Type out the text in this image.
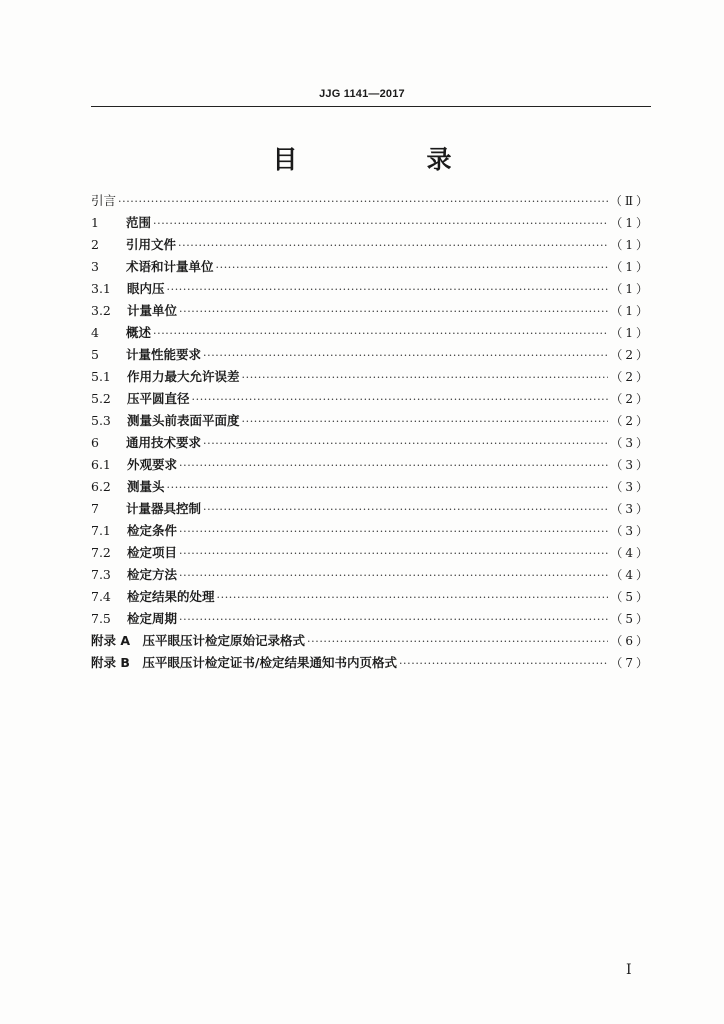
JJG 1141—2017
目　录
引言 ·····	（Ⅱ）
1	范围 ·····	（1）
2	引用文件 ·····	（1）
3	术语和计量单位 ·····	（1）
3.1	眼内压 ·····	（1）
3.2	计量单位 ·····	（1）
4	概述 ·····	（1）
5	计量性能要求 ·····	（2）
5.1	作用力最大允许误差 ·····	（2）
5.2	压平圆直径 ·····	（2）
5.3	测量头前表面平面度 ·····	（2）
6	通用技术要求 ·····	（3）
6.1	外观要求 ·····	（3）
6.2	测量头 ·····	（3）
7	计量器具控制 ·····	（3）
7.1	检定条件 ·····	（3）
7.2	检定项目 ·····	（4）
7.3	检定方法 ·····	（4）
7.4	检定结果的处理 ·····	（5）
7.5	检定周期 ·····	（5）
附录 A　压平眼压计检定原始记录格式 ·····	（6）
附录 B　压平眼压计检定证书/检定结果通知书内页格式 ·····	（7）
Ⅰ
